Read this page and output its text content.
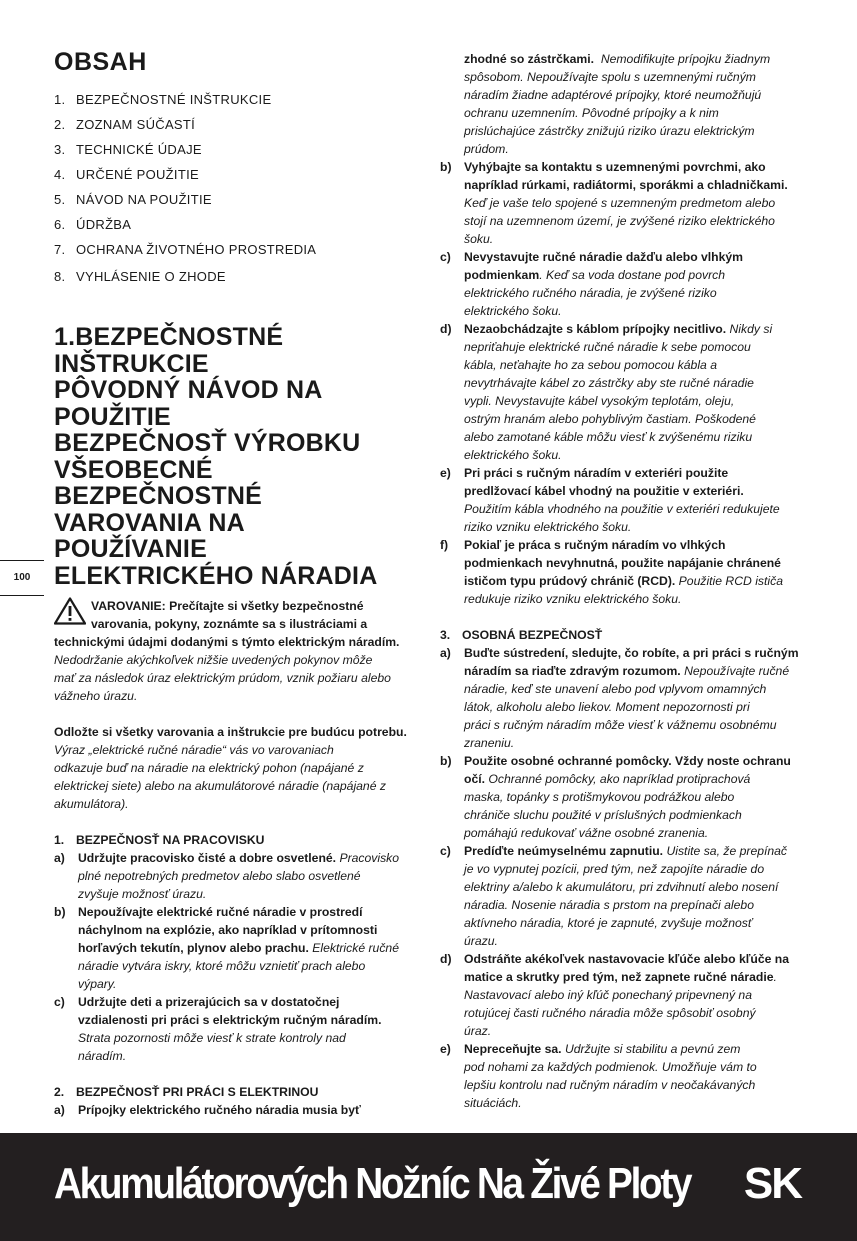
OBSAH
1. BEZPEČNOSTNÉ INŠTRUKCIE
2. ZOZNAM SÚČASTÍ
3. TECHNICKÉ ÚDAJE
4. URČENÉ POUŽITIE
5. NÁVOD NA POUŽITIE
6. ÚDRŽBA
7. OCHRANA ŽIVOTNÉHO PROSTREDIA
8. VYHLÁSENIE O ZHODE
1.BEZPEČNOSTNÉ
INŠTRUKCIE
PÔVODNÝ NÁVOD NA
POUŽITIE
BEZPEČNOSŤ VÝROBKU
VŠEOBECNÉ
BEZPEČNOSTNÉ
VAROVANIA NA
POUŽÍVANIE
ELEKTRICKÉHO NÁRADIA
VAROVANIE: Prečítajte si všetky bezpečnostné
varovania, pokyny, zoznámte sa s ilustráciami a
technickými údajmi dodanými s týmto elektrickým náradím.
Nedodržanie akýchkoľvek nižšie uvedených pokynov môže
mať za následok úraz elektrickým prúdom, vznik požiaru alebo
vážneho úrazu.
Odložte si všetky varovania a inštrukcie pre budúcu potrebu.
Výraz „elektrické ručné náradie“ vás vo varovaniach
odkazuje buď na náradie na elektrický pohon (napájané z
elektrickej siete) alebo na akumulátorové náradie (napájané z
akumulátora).
1. BEZPEČNOSŤ NA PRACOVISKU
a) Udržujte pracovisko čisté a dobre osvetlené. Pracovisko
plné nepotrebných predmetov alebo slabo osvetlené
zvyšuje možnosť úrazu.
b) Nepoužívajte elektrické ručné náradie v prostredí
náchylnom na explózie, ako napríklad v prítomnosti
horľavých tekutín, plynov alebo prachu. Elektrické ručné
náradie vytvára iskry, ktoré môžu vznietiť prach alebo
výpary.
c) Udržujte deti a prizerajúcich sa v dostatočnej
vzdialenosti pri práci s elektrickým ručným náradím.
Strata pozornosti môže viesť k strate kontroly nad
náradím.
2. BEZPEČNOSŤ PRI PRÁCI S ELEKTRINOU
a) Prípojky elektrického ručného náradia musia byť
zhodné so zástrčkami. Nemodifikujte prípojku žiadnym
spôsobom. Nepoužívajte spolu s uzemnenými ručným
náradím žiadne adaptérové prípojky, ktoré neumožňujú
ochranu uzemnením. Pôvodné prípojky a k nim
prislúchajúce zástrčky znižujú riziko úrazu elektrickým
prúdom.
b) Vyhýbajte sa kontaktu s uzemnenými povrchmi, ako
napríklad rúrkami, radiátormi, sporákmi a chladničkami.
Keď je vaše telo spojené s uzemneným predmetom alebo
stojí na uzemnenom území, je zvýšené riziko elektrického
šoku.
c) Nevystavujte ručné náradie dažďu alebo vlhkým
podmienkam. Keď sa voda dostane pod povrch
elektrického ručného náradia, je zvýšené riziko
elektrického šoku.
d) Nezaobchádzajte s káblom prípojky necitlivo. Nikdy si
nepriťahuje elektrické ručné náradie k sebe pomocou
kábla, neťahajte ho za sebou pomocou kábla a
nevytrhávajte kábel zo zástrčky aby ste ručné náradie
vypli. Nevystavujte kábel vysokým teplotám, oleju,
ostrým hranám alebo pohyblivým častiam. Poškodené
alebo zamotané káble môžu viesť k zvýšenému riziku
elektrického šoku.
e) Pri práci s ručným náradím v exteriéri použite
predlžovací kábel vhodný na použitie v exteriéri.
Použitím kábla vhodného na použitie v exteriéri redukujete
riziko vzniku elektrického šoku.
f) Pokiaľ je práca s ručným náradím vo vlhkých
podmienkach nevyhnutná, použite napájanie chránené
ističom typu prúdový chránič (RCD). Použitie RCD ističa
redukuje riziko vzniku elektrického šoku.
3. OSOBNÁ BEZPEČNOSŤ
a) Buďte sústredení, sledujte, čo robíte, a pri práci s ručným
náradím sa riaďte zdravým rozumom. Nepoužívajte ručné
náradie, keď ste unavení alebo pod vplyvom omamných
látok, alkoholu alebo liekov. Moment nepozornosti pri
práci s ručným náradím môže viesť k vážnemu osobnému
zraneniu.
b) Použite osobné ochranné pomôcky. Vždy noste ochranu
očí. Ochranné pomôcky, ako napríklad protiprachová
maska, topánky s protišmykovou podrážkou alebo
chrániče sluchu použité v príslušných podmienkach
pomáhajú redukovať vážne osobné zranenia.
c) Predíďte neúmyselnému zapnutiu. Uistite sa, že prepínač
je vo vypnutej pozícii, pred tým, než zapojíte náradie do
elektriny a/alebo k akumulátoru, pri zdvihnutí alebo nosení
náradia. Nosenie náradia s prstom na prepínači alebo
aktívneho náradia, ktoré je zapnuté, zvyšuje možnosť
úrazu.
d) Odstráňte akékoľvek nastavovacie kľúče alebo kľúče na
matice a skrutky pred tým, než zapnete ručné náradie.
Nastavovací alebo iný kľúč ponechaný pripevnený na
rotujúcej časti ručného náradia môže spôsobiť osobný
úraz.
e) Nepreceňujte sa. Udržujte si stabilitu a pevnú zem
pod nohami za každých podmienok. Umožňuje vám to
lepšiu kontrolu nad ručným náradím v neočakávaných
situáciách.
100
Akumulátorových Nožníc Na Živé Ploty SK
